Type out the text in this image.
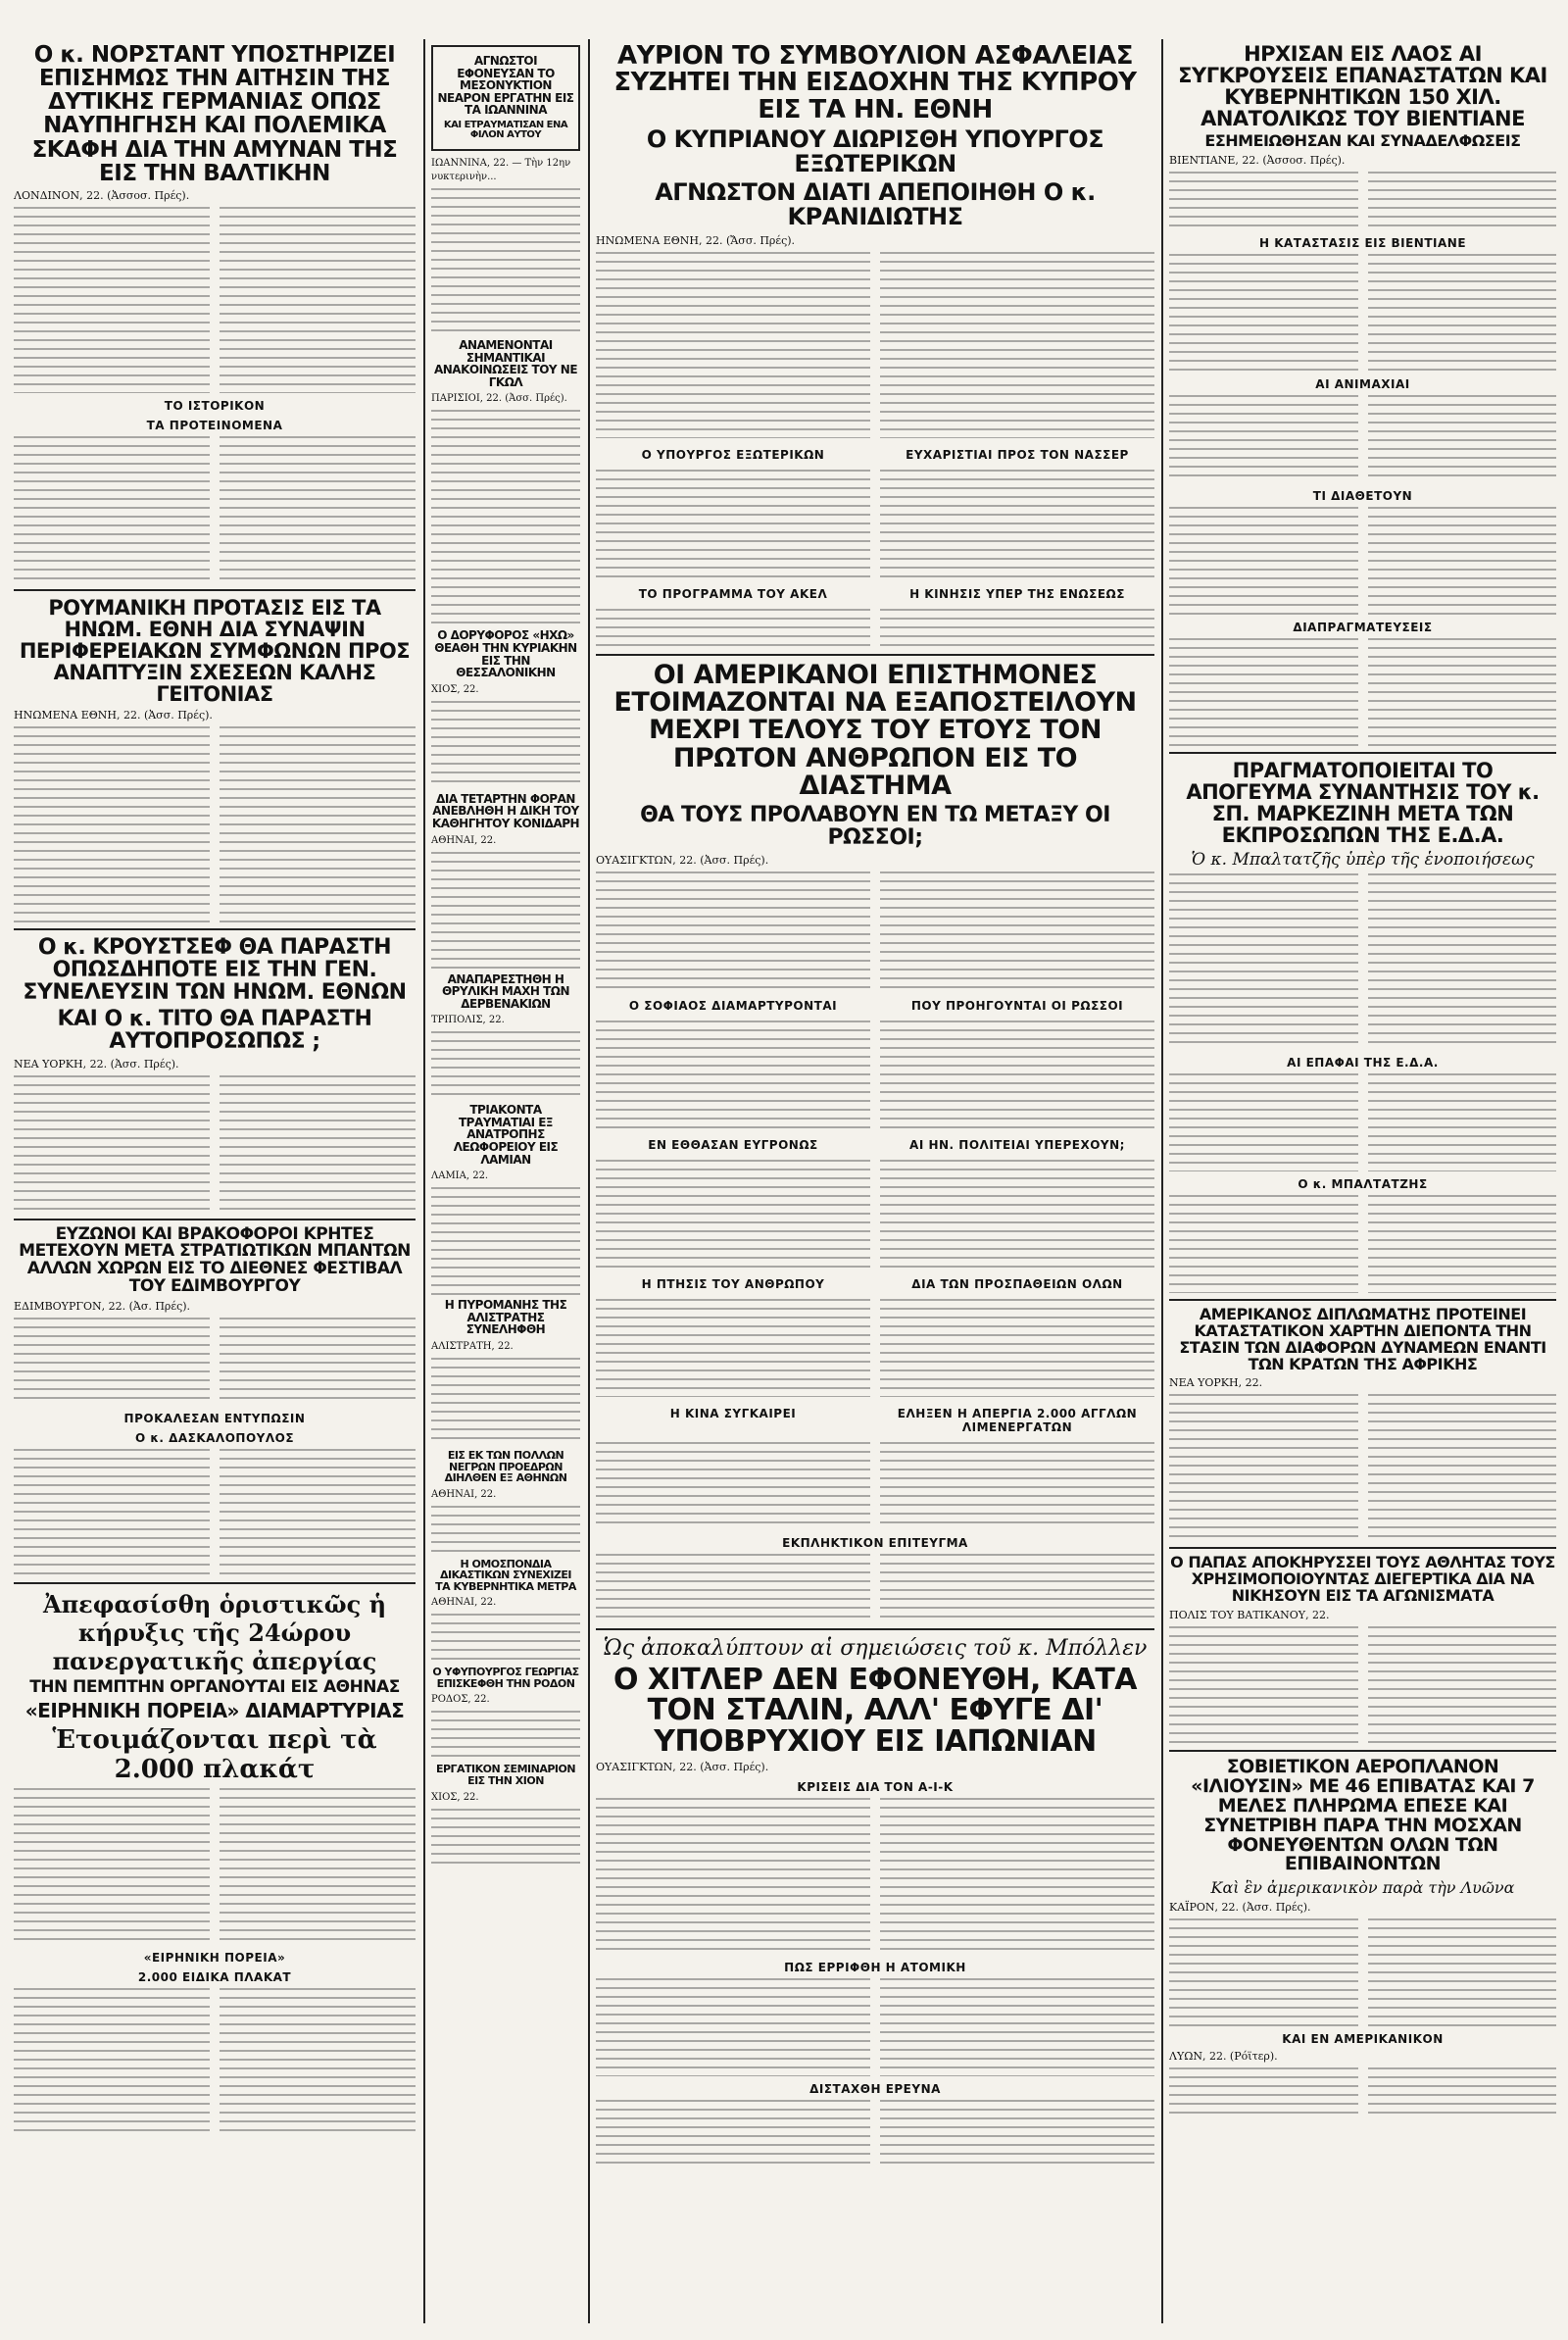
Ο κ. ΝΟΡΣΤΑΝΤ ΥΠΟΣΤΗΡΙΖΕΙ ΕΠΙΣΗΜΩΣ ΤΗΝ ΑΙΤΗΣΙΝ ΤΗΣ ΔΥΤΙΚΗΣ ΓΕΡΜΑΝΙΑΣ ΟΠΩΣ ΝΑΥΠΗΓΗΣΗ ΚΑΙ ΠΟΛΕΜΙΚΑ ΣΚΑΦΗ ΔΙΑ ΤΗΝ ΑΜΥΝΑΝ ΤΗΣ ΕΙΣ ΤΗΝ ΒΑΛΤΙΚΗΝ
ΛΟΝΔΙΝΟΝ, 22. (Ἀσσοσ. Πρές).
ΤΟ ΙΣΤΟΡΙΚΟΝ
ΤΑ ΠΡΟΤΕΙΝΟΜΕΝΑ
ΡΟΥΜΑΝΙΚΗ ΠΡΟΤΑΣΙΣ ΕΙΣ ΤΑ ΗΝΩΜ. ΕΘΝΗ ΔΙΑ ΣΥΝΑΨΙΝ ΠΕΡΙΦΕΡΕΙΑΚΩΝ ΣΥΜΦΩΝΩΝ ΠΡΟΣ ΑΝΑΠΤΥΞΙΝ ΣΧΕΣΕΩΝ ΚΑΛΗΣ ΓΕΙΤΟΝΙΑΣ
ΗΝΩΜΕΝΑ ΕΘΝΗ, 22. (Ἀσσ. Πρές).
Ο κ. ΚΡΟΥΣΤΣΕΦ ΘΑ ΠΑΡΑΣΤΗ ΟΠΩΣΔΗΠΟΤΕ ΕΙΣ ΤΗΝ ΓΕΝ. ΣΥΝΕΛΕΥΣΙΝ ΤΩΝ ΗΝΩΜ. ΕΘΝΩΝ
ΚΑΙ Ο κ. ΤΙΤΟ ΘΑ ΠΑΡΑΣΤΗ ΑΥΤΟΠΡΟΣΩΠΩΣ ;
ΝΕΑ ΥΟΡΚΗ, 22. (Ἀσσ. Πρές).
ΕΥΖΩΝΟΙ ΚΑΙ ΒΡΑΚΟΦΟΡΟΙ ΚΡΗΤΕΣ ΜΕΤΕΧΟΥΝ ΜΕΤΑ ΣΤΡΑΤΙΩΤΙΚΩΝ ΜΠΑΝΤΩΝ ΑΛΛΩΝ ΧΩΡΩΝ ΕΙΣ ΤΟ ΔΙΕΘΝΕΣ ΦΕΣΤΙΒΑΛ ΤΟΥ ΕΔΙΜΒΟΥΡΓΟΥ
ΕΔΙΜΒΟΥΡΓΟΝ, 22. (Ἀσ. Πρές).
ΠΡΟΚΑΛΕΣΑΝ ΕΝΤΥΠΩΣΙΝ
Ο κ. ΔΑΣΚΑΛΟΠΟΥΛΟΣ
Ἀπεφασίσθη ὁριστικῶς ἡ κήρυξις τῆς 24ώρου πανεργατικῆς ἀπεργίας
ΤΗΝ ΠΕΜΠΤΗΝ ΟΡΓΑΝΟΥΤΑΙ ΕΙΣ ΑΘΗΝΑΣ
«ΕΙΡΗΝΙΚΗ ΠΟΡΕΙΑ» ΔΙΑΜΑΡΤΥΡΙΑΣ
Ἑτοιμάζονται περὶ τὰ 2.000 πλακάτ
«ΕΙΡΗΝΙΚΗ ΠΟΡΕΙΑ»
2.000 ΕΙΔΙΚΑ ΠΛΑΚΑΤ
ΑΓΝΩΣΤΟΙ ΕΦΟΝΕΥΣΑΝ ΤΟ ΜΕΣΟΝΥΚΤΙΟΝ ΝΕΑΡΟΝ ΕΡΓΑΤΗΝ ΕΙΣ ΤΑ ΙΩΑΝΝΙΝΑ
ΚΑΙ ΕΤΡΑΥΜΑΤΙΣΑΝ ΕΝΑ ΦΙΛΟΝ ΑΥΤΟΥ
ΙΩΑΝΝΙΝΑ, 22. — Τὴν 12ην νυκτερινὴν...
ΑΝΑΜΕΝΟΝΤΑΙ ΣΗΜΑΝΤΙΚΑΙ ΑΝΑΚΟΙΝΩΣΕΙΣ ΤΟΥ ΝΕ ΓΚΩΛ
ΠΑΡΙΣΙΟΙ, 22. (Ἀσσ. Πρές).
Ο ΔΟΡΥΦΟΡΟΣ «ΗΧΩ» ΘΕΑΘΗ ΤΗΝ ΚΥΡΙΑΚΗΝ ΕΙΣ ΤΗΝ ΘΕΣΣΑΛΟΝΙΚΗΝ
ΧΙΟΣ, 22.
ΔΙΑ ΤΕΤΑΡΤΗΝ ΦΟΡΑΝ ΑΝΕΒΛΗΘΗ Η ΔΙΚΗ ΤΟΥ ΚΑΘΗΓΗΤΟΥ ΚΟΝΙΔΑΡΗ
ΑΘΗΝΑΙ, 22.
ΑΝΑΠΑΡΕΣΤΗΘΗ Η ΘΡΥΛΙΚΗ ΜΑΧΗ ΤΩΝ ΔΕΡΒΕΝΑΚΙΩΝ
ΤΡΙΠΟΛΙΣ, 22.
ΤΡΙΑΚΟΝΤΑ ΤΡΑΥΜΑΤΙΑΙ ΕΞ ΑΝΑΤΡΟΠΗΣ ΛΕΩΦΟΡΕΙΟΥ ΕΙΣ ΛΑΜΙΑΝ
ΛΑΜΙΑ, 22.
Η ΠΥΡΟΜΑΝΗΣ ΤΗΣ ΑΛΙΣΤΡΑΤΗΣ ΣΥΝΕΛΗΦΘΗ
ΑΛΙΣΤΡΑΤΗ, 22.
ΕΙΣ ΕΚ ΤΩΝ ΠΟΛΛΩΝ ΝΕΓΡΩΝ ΠΡΟΕΔΡΩΝ ΔΙΗΛΘΕΝ ΕΞ ΑΘΗΝΩΝ
ΑΘΗΝΑΙ, 22.
Η ΟΜΟΣΠΟΝΔΙΑ ΔΙΚΑΣΤΙΚΩΝ ΣΥΝΕΧΙΖΕΙ ΤΑ ΚΥΒΕΡΝΗΤΙΚΑ ΜΕΤΡΑ
ΑΘΗΝΑΙ, 22.
Ο ΥΦΥΠΟΥΡΓΟΣ ΓΕΩΡΓΙΑΣ ΕΠΙΣΚΕΦΘΗ ΤΗΝ ΡΟΔΟΝ
ΡΟΔΟΣ, 22.
ΕΡΓΑΤΙΚΟΝ ΣΕΜΙΝΑΡΙΟΝ ΕΙΣ ΤΗΝ ΧΙΟΝ
ΧΙΟΣ, 22.
ΑΥΡΙΟΝ ΤΟ ΣΥΜΒΟΥΛΙΟΝ ΑΣΦΑΛΕΙΑΣ ΣΥΖΗΤΕΙ ΤΗΝ ΕΙΣΔΟΧΗΝ ΤΗΣ ΚΥΠΡΟΥ ΕΙΣ ΤΑ ΗΝ. ΕΘΝΗ
Ο ΚΥΠΡΙΑΝΟΥ ΔΙΩΡΙΣΘΗ ΥΠΟΥΡΓΟΣ ΕΞΩΤΕΡΙΚΩΝ
ΑΓΝΩΣΤΟΝ ΔΙΑΤΙ ΑΠΕΠΟΙΗΘΗ Ο κ. ΚΡΑΝΙΔΙΩΤΗΣ
ΗΝΩΜΕΝΑ ΕΘΝΗ, 22. (Ἄσσ. Πρές).
Ο ΥΠΟΥΡΓΟΣ ΕΞΩΤΕΡΙΚΩΝ	ΕΥΧΑΡΙΣΤΙΑΙ ΠΡΟΣ ΤΟΝ ΝΑΣΣΕΡ
ΤΟ ΠΡΟΓΡΑΜΜΑ ΤΟΥ ΑΚΕΛ	Η ΚΙΝΗΣΙΣ ΥΠΕΡ ΤΗΣ ΕΝΩΣΕΩΣ
ΟΙ ΑΜΕΡΙΚΑΝΟΙ ΕΠΙΣΤΗΜΟΝΕΣ ΕΤΟΙΜΑΖΟΝΤΑΙ ΝΑ ΕΞΑΠΟΣΤΕΙΛΟΥΝ ΜΕΧΡΙ ΤΕΛΟΥΣ ΤΟΥ ΕΤΟΥΣ ΤΟΝ ΠΡΩΤΟΝ ΑΝΘΡΩΠΟΝ ΕΙΣ ΤΟ ΔΙΑΣΤΗΜΑ
ΘΑ ΤΟΥΣ ΠΡΟΛΑΒΟΥΝ ΕΝ ΤΩ ΜΕΤΑΞΥ ΟΙ ΡΩΣΣΟΙ;
ΟΥΑΣΙΓΚΤΩΝ, 22. (Ἀσσ. Πρές).
Ο ΣΟΦΙΑΟΣ ΔΙΑΜΑΡΤΥΡΟΝΤΑΙ	ΠΟΥ ΠΡΟΗΓΟΥΝΤΑΙ ΟΙ ΡΩΣΣΟΙ
ΕΝ ΕΘΘΑΣΑΝ ΕΥΓΡΟΝΩΣ	ΑΙ ΗΝ. ΠΟΛΙΤΕΙΑΙ ΥΠΕΡΕΧΟΥΝ;
Η ΠΤΗΣΙΣ ΤΟΥ ΑΝΘΡΩΠΟΥ	ΔΙΑ ΤΩΝ ΠΡΟΣΠΑΘΕΙΩΝ ΟΛΩΝ
Η ΚΙΝΑ ΣΥΓΚΑΙΡΕΙ	ΕΛΗΞΕΝ Η ΑΠΕΡΓΙΑ 2.000 ΑΓΓΛΩΝ ΛΙΜΕΝΕΡΓΑΤΩΝ
ΕΚΠΛΗΚΤΙΚΟΝ ΕΠΙΤΕΥΓΜΑ
Ὡς ἀποκαλύπτουν αἱ σημειώσεις τοῦ κ. Μπόλλεν
Ο ΧΙΤΛΕΡ ΔΕΝ ΕΦΟΝΕΥΘΗ, ΚΑΤΑ ΤΟΝ ΣΤΑΛΙΝ, ΑΛΛ' ΕΦΥΓΕ ΔΙ' ΥΠΟΒΡΥΧΙΟΥ ΕΙΣ ΙΑΠΩΝΙΑΝ
ΟΥΑΣΙΓΚΤΩΝ, 22. (Ἀσσ. Πρές).
ΚΡΙΣΕΙΣ ΔΙΑ ΤΟΝ Α-Ι-Κ
ΠΩΣ ΕΡΡΙΦΘΗ Η ΑΤΟΜΙΚΗ
ΔΙΣΤΑΧΘΗ ΕΡΕΥΝΑ
ΗΡΧΙΣΑΝ ΕΙΣ ΛΑΟΣ ΑΙ ΣΥΓΚΡΟΥΣΕΙΣ ΕΠΑΝΑΣΤΑΤΩΝ ΚΑΙ ΚΥΒΕΡΝΗΤΙΚΩΝ 150 ΧΙΛ. ΑΝΑΤΟΛΙΚΩΣ ΤΟΥ ΒΙΕΝΤΙΑΝΕ
ΕΣΗΜΕΙΩΘΗΣΑΝ ΚΑΙ ΣΥΝΑΔΕΛΦΩΣΕΙΣ
ΒΙΕΝΤΙΑΝΕ, 22. (Ἀσσοσ. Πρές).
Η ΚΑΤΑΣΤΑΣΙΣ ΕΙΣ ΒΙΕΝΤΙΑΝΕ
ΑΙ ΑΝΙΜΑΧΙΑΙ
ΤΙ ΔΙΑΘΕΤΟΥΝ
ΔΙΑΠΡΑΓΜΑΤΕΥΣΕΙΣ
ΠΡΑΓΜΑΤΟΠΟΙΕΙΤΑΙ ΤΟ ΑΠΟΓΕΥΜΑ ΣΥΝΑΝΤΗΣΙΣ ΤΟΥ κ. ΣΠ. ΜΑΡΚΕΖΙΝΗ ΜΕΤΑ ΤΩΝ ΕΚΠΡΟΣΩΠΩΝ ΤΗΣ Ε.Δ.Α.
Ὁ κ. Μπαλτατζῆς ὑπὲρ τῆς ἑνοποιήσεως
ΑΙ ΕΠΑΦΑΙ ΤΗΣ Ε.Δ.Α.
Ο κ. ΜΠΑΛΤΑΤΖΗΣ
ΑΜΕΡΙΚΑΝΟΣ ΔΙΠΛΩΜΑΤΗΣ ΠΡΟΤΕΙΝΕΙ ΚΑΤΑΣΤΑΤΙΚΟΝ ΧΑΡΤΗΝ ΔΙΕΠΟΝΤΑ ΤΗΝ ΣΤΑΣΙΝ ΤΩΝ ΔΙΑΦΟΡΩΝ ΔΥΝΑΜΕΩΝ ΕΝΑΝΤΙ ΤΩΝ ΚΡΑΤΩΝ ΤΗΣ ΑΦΡΙΚΗΣ
ΝΕΑ ΥΟΡΚΗ, 22.
Ο ΠΑΠΑΣ ΑΠΟΚΗΡΥΣΣΕΙ ΤΟΥΣ ΑΘΛΗΤΑΣ ΤΟΥΣ ΧΡΗΣΙΜΟΠΟΙΟΥΝΤΑΣ ΔΙΕΓΕΡΤΙΚΑ ΔΙΑ ΝΑ ΝΙΚΗΣΟΥΝ ΕΙΣ ΤΑ ΑΓΩΝΙΣΜΑΤΑ
ΠΟΛΙΣ ΤΟΥ ΒΑΤΙΚΑΝΟΥ, 22.
ΣΟΒΙΕΤΙΚΟΝ ΑΕΡΟΠΛΑΝΟΝ «ΙΛΙΟΥΣΙΝ» ΜΕ 46 ΕΠΙΒΑΤΑΣ ΚΑΙ 7 ΜΕΛΕΣ ΠΛΗΡΩΜΑ ΕΠΕΣΕ ΚΑΙ ΣΥΝΕΤΡΙΒΗ ΠΑΡΑ ΤΗΝ ΜΟΣΧΑΝ ΦΟΝΕΥΘΕΝΤΩΝ ΟΛΩΝ ΤΩΝ ΕΠΙΒΑΙΝΟΝΤΩΝ
Καὶ ἓν ἀμερικανικὸν παρὰ τὴν Λυῶνα
ΚΑΪΡΟΝ, 22. (Ἀσσ. Πρές).
ΚΑΙ ΕΝ ΑΜΕΡΙΚΑΝΙΚΟΝ
ΛΥΩΝ, 22. (Ρόϊτερ).
